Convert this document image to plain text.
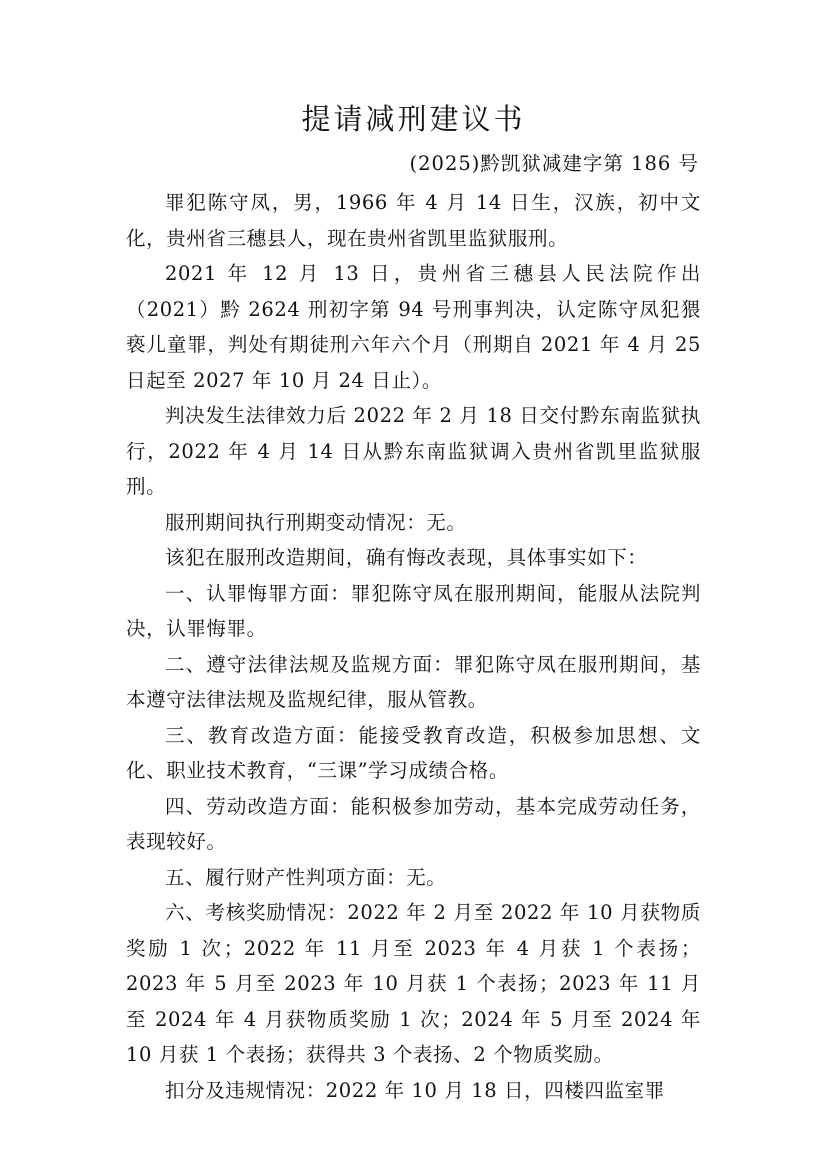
提请减刑建议书
(2025)黔凯狱减建字第 186 号

罪犯陈守凤，男，1966 年 4 月 14 日生，汉族，初中文化，贵州省三穗县人，现在贵州省凯里监狱服刑。

2021 年 12 月 13 日，贵州省三穗县人民法院作出（2021）黔 2624 刑初字第 94 号刑事判决，认定陈守凤犯猥亵儿童罪，判处有期徒刑六年六个月（刑期自 2021 年 4 月 25 日起至 2027 年 10 月 24 日止）。

判决发生法律效力后 2022 年 2 月 18 日交付黔东南监狱执行，2022 年 4 月 14 日从黔东南监狱调入贵州省凯里监狱服刑。

服刑期间执行刑期变动情况：无。

该犯在服刑改造期间，确有悔改表现，具体事实如下：

一、认罪悔罪方面：罪犯陈守凤在服刑期间，能服从法院判决，认罪悔罪。

二、遵守法律法规及监规方面：罪犯陈守凤在服刑期间，基本遵守法律法规及监规纪律，服从管教。

三、教育改造方面：能接受教育改造，积极参加思想、文化、职业技术教育，“三课”学习成绩合格。

四、劳动改造方面：能积极参加劳动，基本完成劳动任务，表现较好。

五、履行财产性判项方面：无。

六、考核奖励情况：2022 年 2 月至 2022 年 10 月获物质奖励 1 次；2022 年 11 月至 2023 年 4 月获 1 个表扬；2023 年 5 月至 2023 年 10 月获 1 个表扬；2023 年 11 月至 2024 年 4 月获物质奖励 1 次；2024 年 5 月至 2024 年 10 月获 1 个表扬；获得共 3 个表扬、2 个物质奖励。

扣分及违规情况：2022 年 10 月 18 日，四楼四监室罪
